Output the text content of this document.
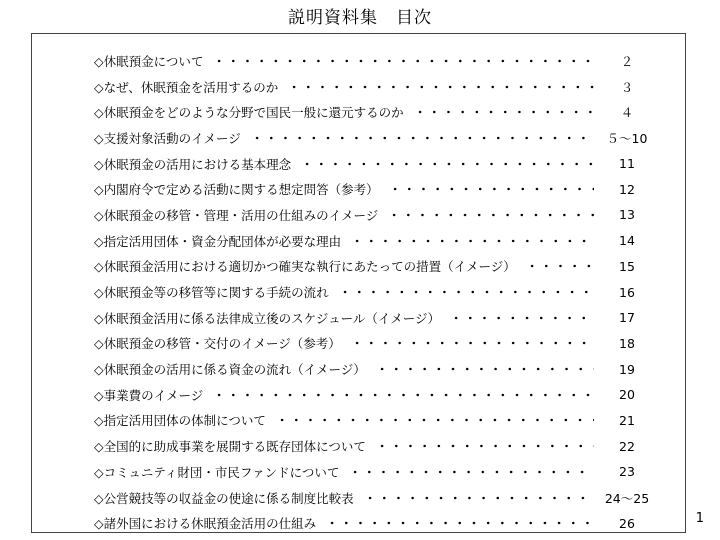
説明資料集　目次
◇休眠預金について	２
◇なぜ、休眠預金を活用するのか	３
◇休眠預金をどのような分野で国民一般に還元するのか	４
◇支援対象活動のイメージ	５～10
◇休眠預金の活用における基本理念	11
◇内閣府令で定める活動に関する想定問答（参考）	12
◇休眠預金の移管・管理・活用の仕組みのイメージ	13
◇指定活用団体・資金分配団体が必要な理由	14
◇休眠預金活用における適切かつ確実な執行にあたっての措置（イメージ）	15
◇休眠預金等の移管等に関する手続の流れ	16
◇休眠預金活用に係る法律成立後のスケジュール（イメージ）	17
◇休眠預金の移管・交付のイメージ（参考）	18
◇休眠預金の活用に係る資金の流れ（イメージ）	19
◇事業費のイメージ	20
◇指定活用団体の体制について	21
◇全国的に助成事業を展開する既存団体について	22
◇コミュニティ財団・市民ファンドについて	23
◇公営競技等の収益金の使途に係る制度比較表	24～25
◇諸外国における休眠預金活用の仕組み	26	1
